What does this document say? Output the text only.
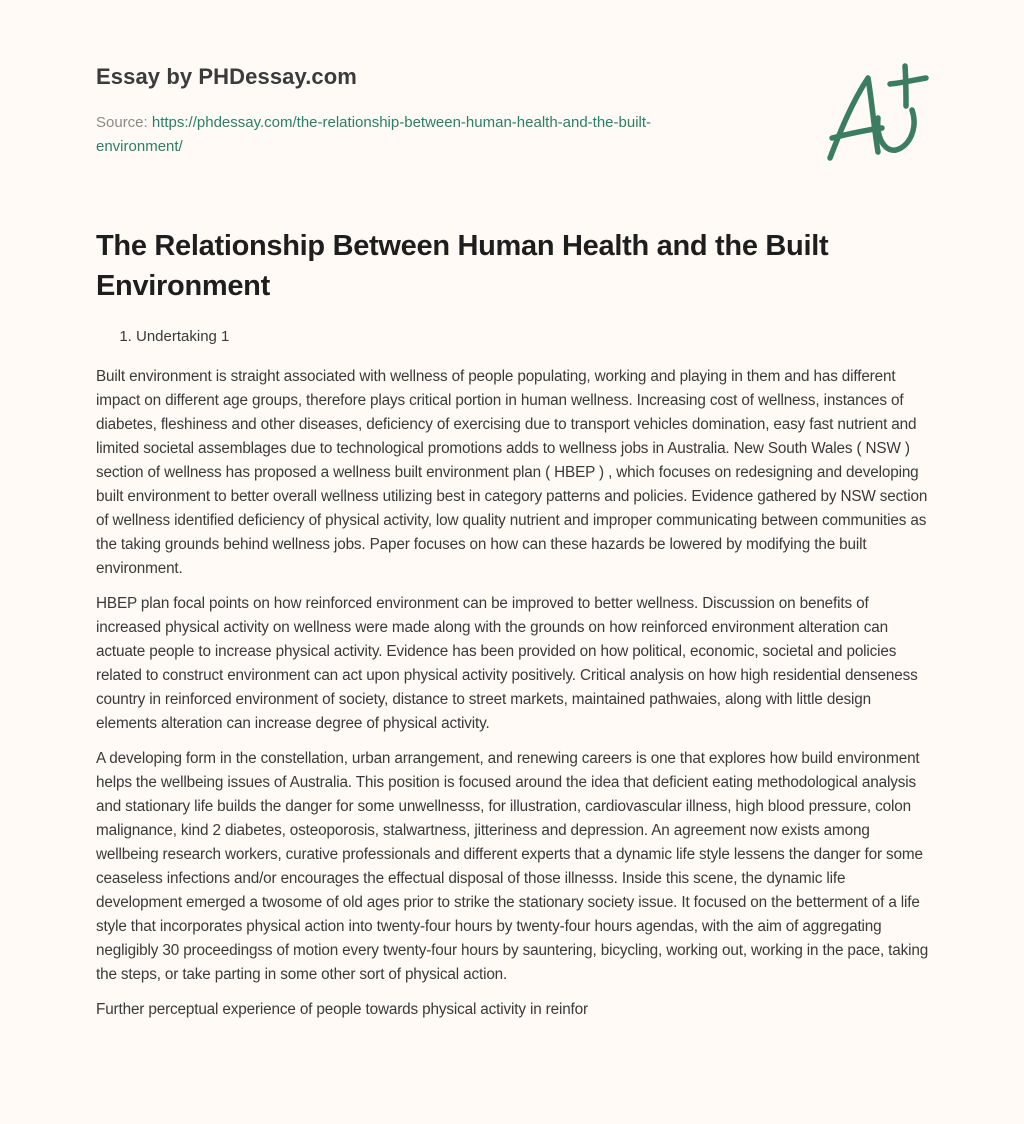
Essay by PHDessay.com
Source: https://phdessay.com/the-relationship-between-human-health-and-the-built-environment/
The Relationship Between Human Health and the Built Environment
1. Undertaking 1

Built environment is straight associated with wellness of people populating, working and playing in them and has different impact on different age groups, therefore plays critical portion in human wellness. Increasing cost of wellness, instances of diabetes, fleshiness and other diseases, deficiency of exercising due to transport vehicles domination, easy fast nutrient and limited societal assemblages due to technological promotions adds to wellness jobs in Australia. New South Wales ( NSW ) section of wellness has proposed a wellness built environment plan ( HBEP ) , which focuses on redesigning and developing built environment to better overall wellness utilizing best in category patterns and policies. Evidence gathered by NSW section of wellness identified deficiency of physical activity, low quality nutrient and improper communicating between communities as the taking grounds behind wellness jobs. Paper focuses on how can these hazards be lowered by modifying the built environment.

HBEP plan focal points on how reinforced environment can be improved to better wellness. Discussion on benefits of increased physical activity on wellness were made along with the grounds on how reinforced environment alteration can actuate people to increase physical activity. Evidence has been provided on how political, economic, societal and policies related to construct environment can act upon physical activity positively. Critical analysis on how high residential denseness country in reinforced environment of society, distance to street markets, maintained pathwaies, along with little design elements alteration can increase degree of physical activity.

A developing form in the constellation, urban arrangement, and renewing careers is one that explores how build environment helps the wellbeing issues of Australia. This position is focused around the idea that deficient eating methodological analysis and stationary life builds the danger for some unwellnesss, for illustration, cardiovascular illness, high blood pressure, colon malignance, kind 2 diabetes, osteoporosis, stalwartness, jitteriness and depression. An agreement now exists among wellbeing research workers, curative professionals and different experts that a dynamic life style lessens the danger for some ceaseless infections and/or encourages the effectual disposal of those illnesss. Inside this scene, the dynamic life development emerged a twosome of old ages prior to strike the stationary society issue. It focused on the betterment of a life style that incorporates physical action into twenty-four hours by twenty-four hours agendas, with the aim of aggregating negligibly 30 proceedingss of motion every twenty-four hours by sauntering, bicycling, working out, working in the pace, taking the steps, or take parting in some other sort of physical action.

Further perceptual experience of people towards physical activity in reinfor
